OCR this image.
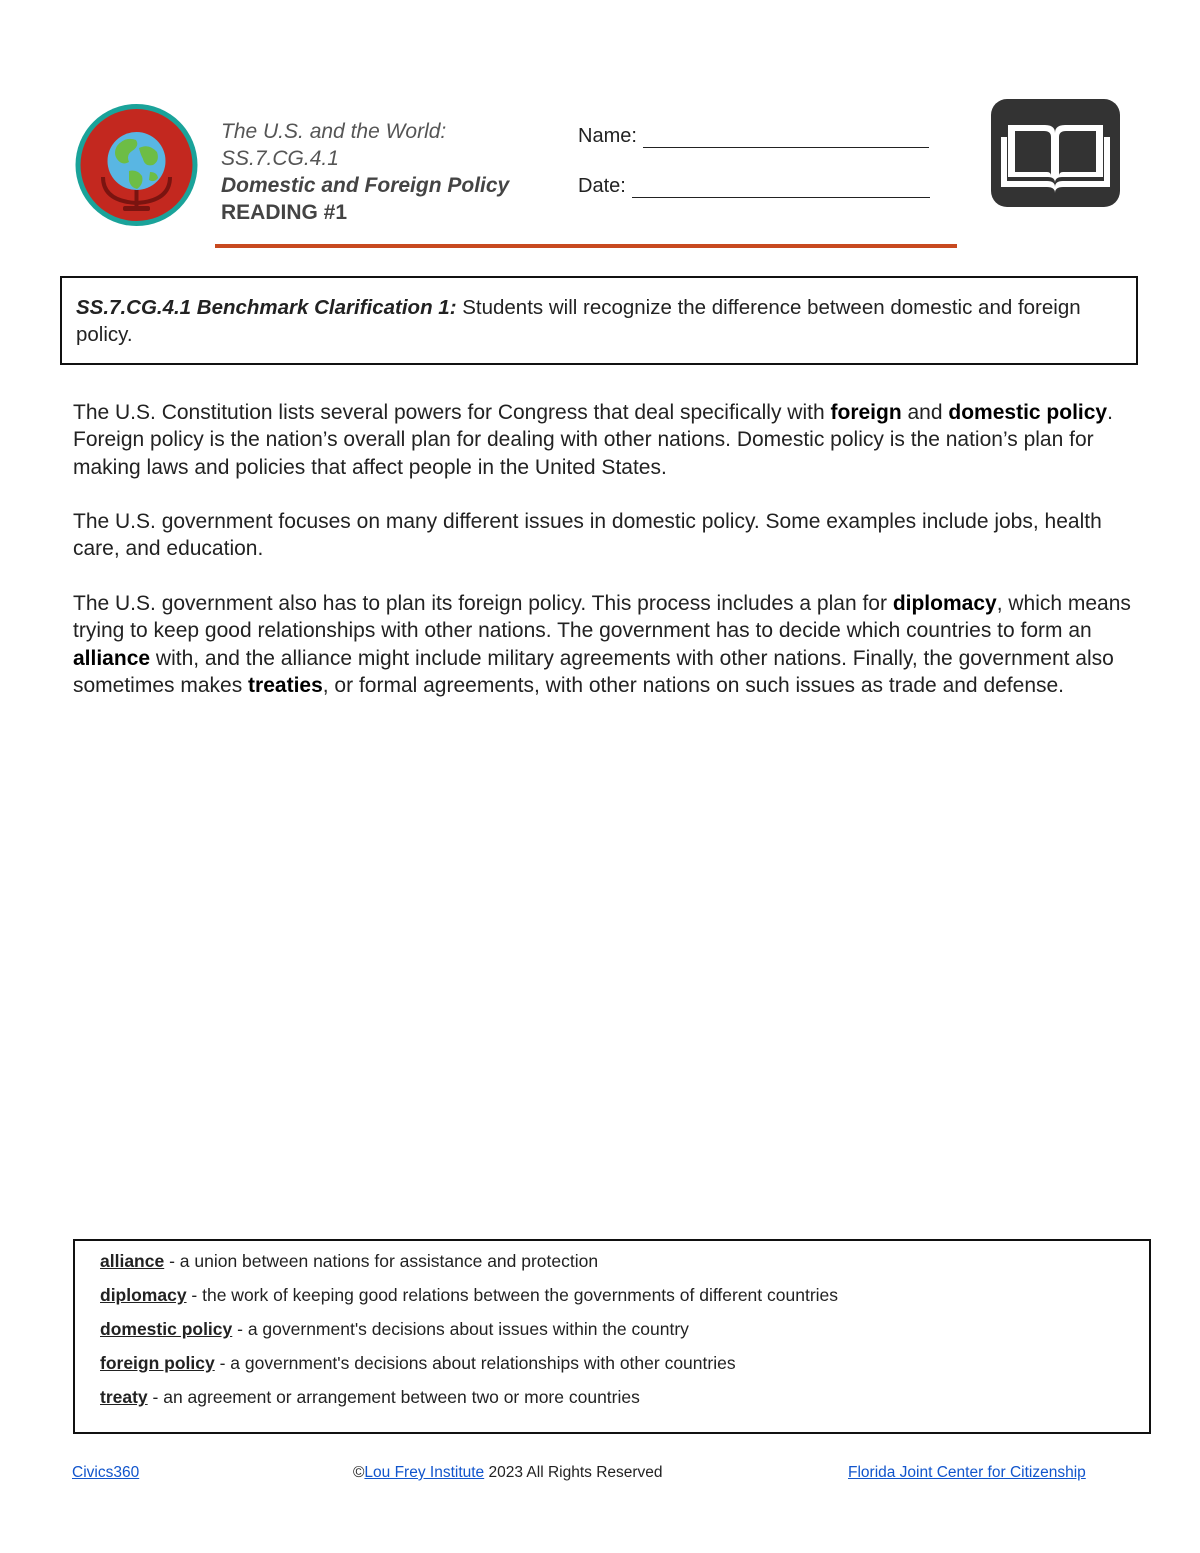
The U.S. and the World:
SS.7.CG.4.1
Domestic and Foreign Policy
READING #1
Name:
Date:
SS.7.CG.4.1 Benchmark Clarification 1: Students will recognize the difference between domestic and foreign policy.

The U.S. Constitution lists several powers for Congress that deal specifically with foreign and domestic policy. Foreign policy is the nation’s overall plan for dealing with other nations. Domestic policy is the nation’s plan for making laws and policies that affect people in the United States.

The U.S. government focuses on many different issues in domestic policy. Some examples include jobs, health care, and education.

The U.S. government also has to plan its foreign policy. This process includes a plan for diplomacy, which means trying to keep good relationships with other nations. The government has to decide which countries to form an alliance with, and the alliance might include military agreements with other nations. Finally, the government also sometimes makes treaties, or formal agreements, with other nations on such issues as trade and defense.

alliance - a union between nations for assistance and protection
diplomacy - the work of keeping good relations between the governments of different countries
domestic policy - a government's decisions about issues within the country
foreign policy - a government's decisions about relationships with other countries
treaty - an agreement or arrangement between two or more countries
Civics360	©Lou Frey Institute 2023 All Rights Reserved	Florida Joint Center for Citizenship
